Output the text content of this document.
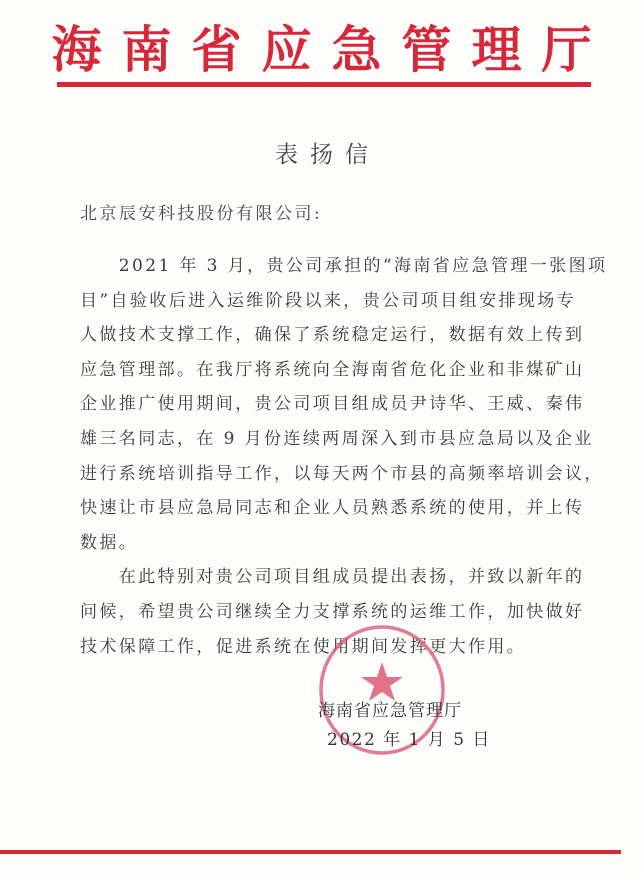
海南省应急管理厅
表扬信
北京辰安科技股份有限公司:
　　2021 年 3 月，贵公司承担的“海南省应急管理一张图项
目”自验收后进入运维阶段以来，贵公司项目组安排现场专
人做技术支撑工作，确保了系统稳定运行，数据有效上传到
应急管理部。在我厅将系统向全海南省危化企业和非煤矿山
企业推广使用期间，贵公司项目组成员尹诗华、王威、秦伟
雄三名同志，在 9 月份连续两周深入到市县应急局以及企业
进行系统培训指导工作，以每天两个市县的高频率培训会议，
快速让市县应急局同志和企业人员熟悉系统的使用，并上传
数据。
　　在此特别对贵公司项目组成员提出表扬，并致以新年的
问候，希望贵公司继续全力支撑系统的运维工作，加快做好
技术保障工作，促进系统在使用期间发挥更大作用。
海南省应急管理厅
2022 年 1 月 5 日
